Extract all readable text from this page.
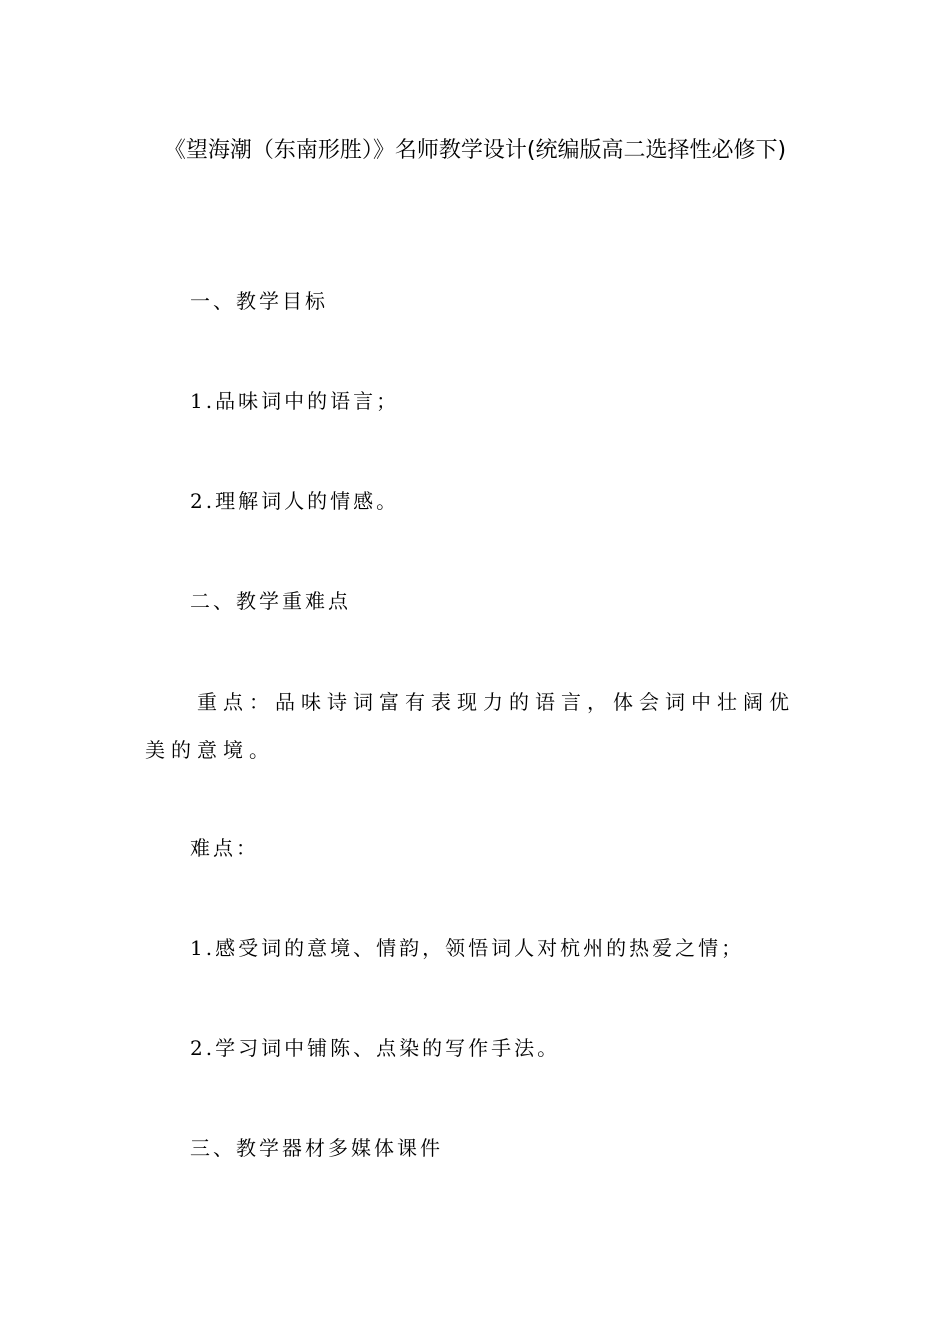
《望海潮（东南形胜）》名师教学设计(统编版高二选择性必修下)
一、教学目标
1.品味词中的语言；
2.理解词人的情感。
二、教学重难点
重点：品味诗词富有表现力的语言，体会词中壮阔优美的意境。
难点：
1.感受词的意境、情韵，领悟词人对杭州的热爱之情；
2.学习词中铺陈、点染的写作手法。
三、教学器材多媒体课件
